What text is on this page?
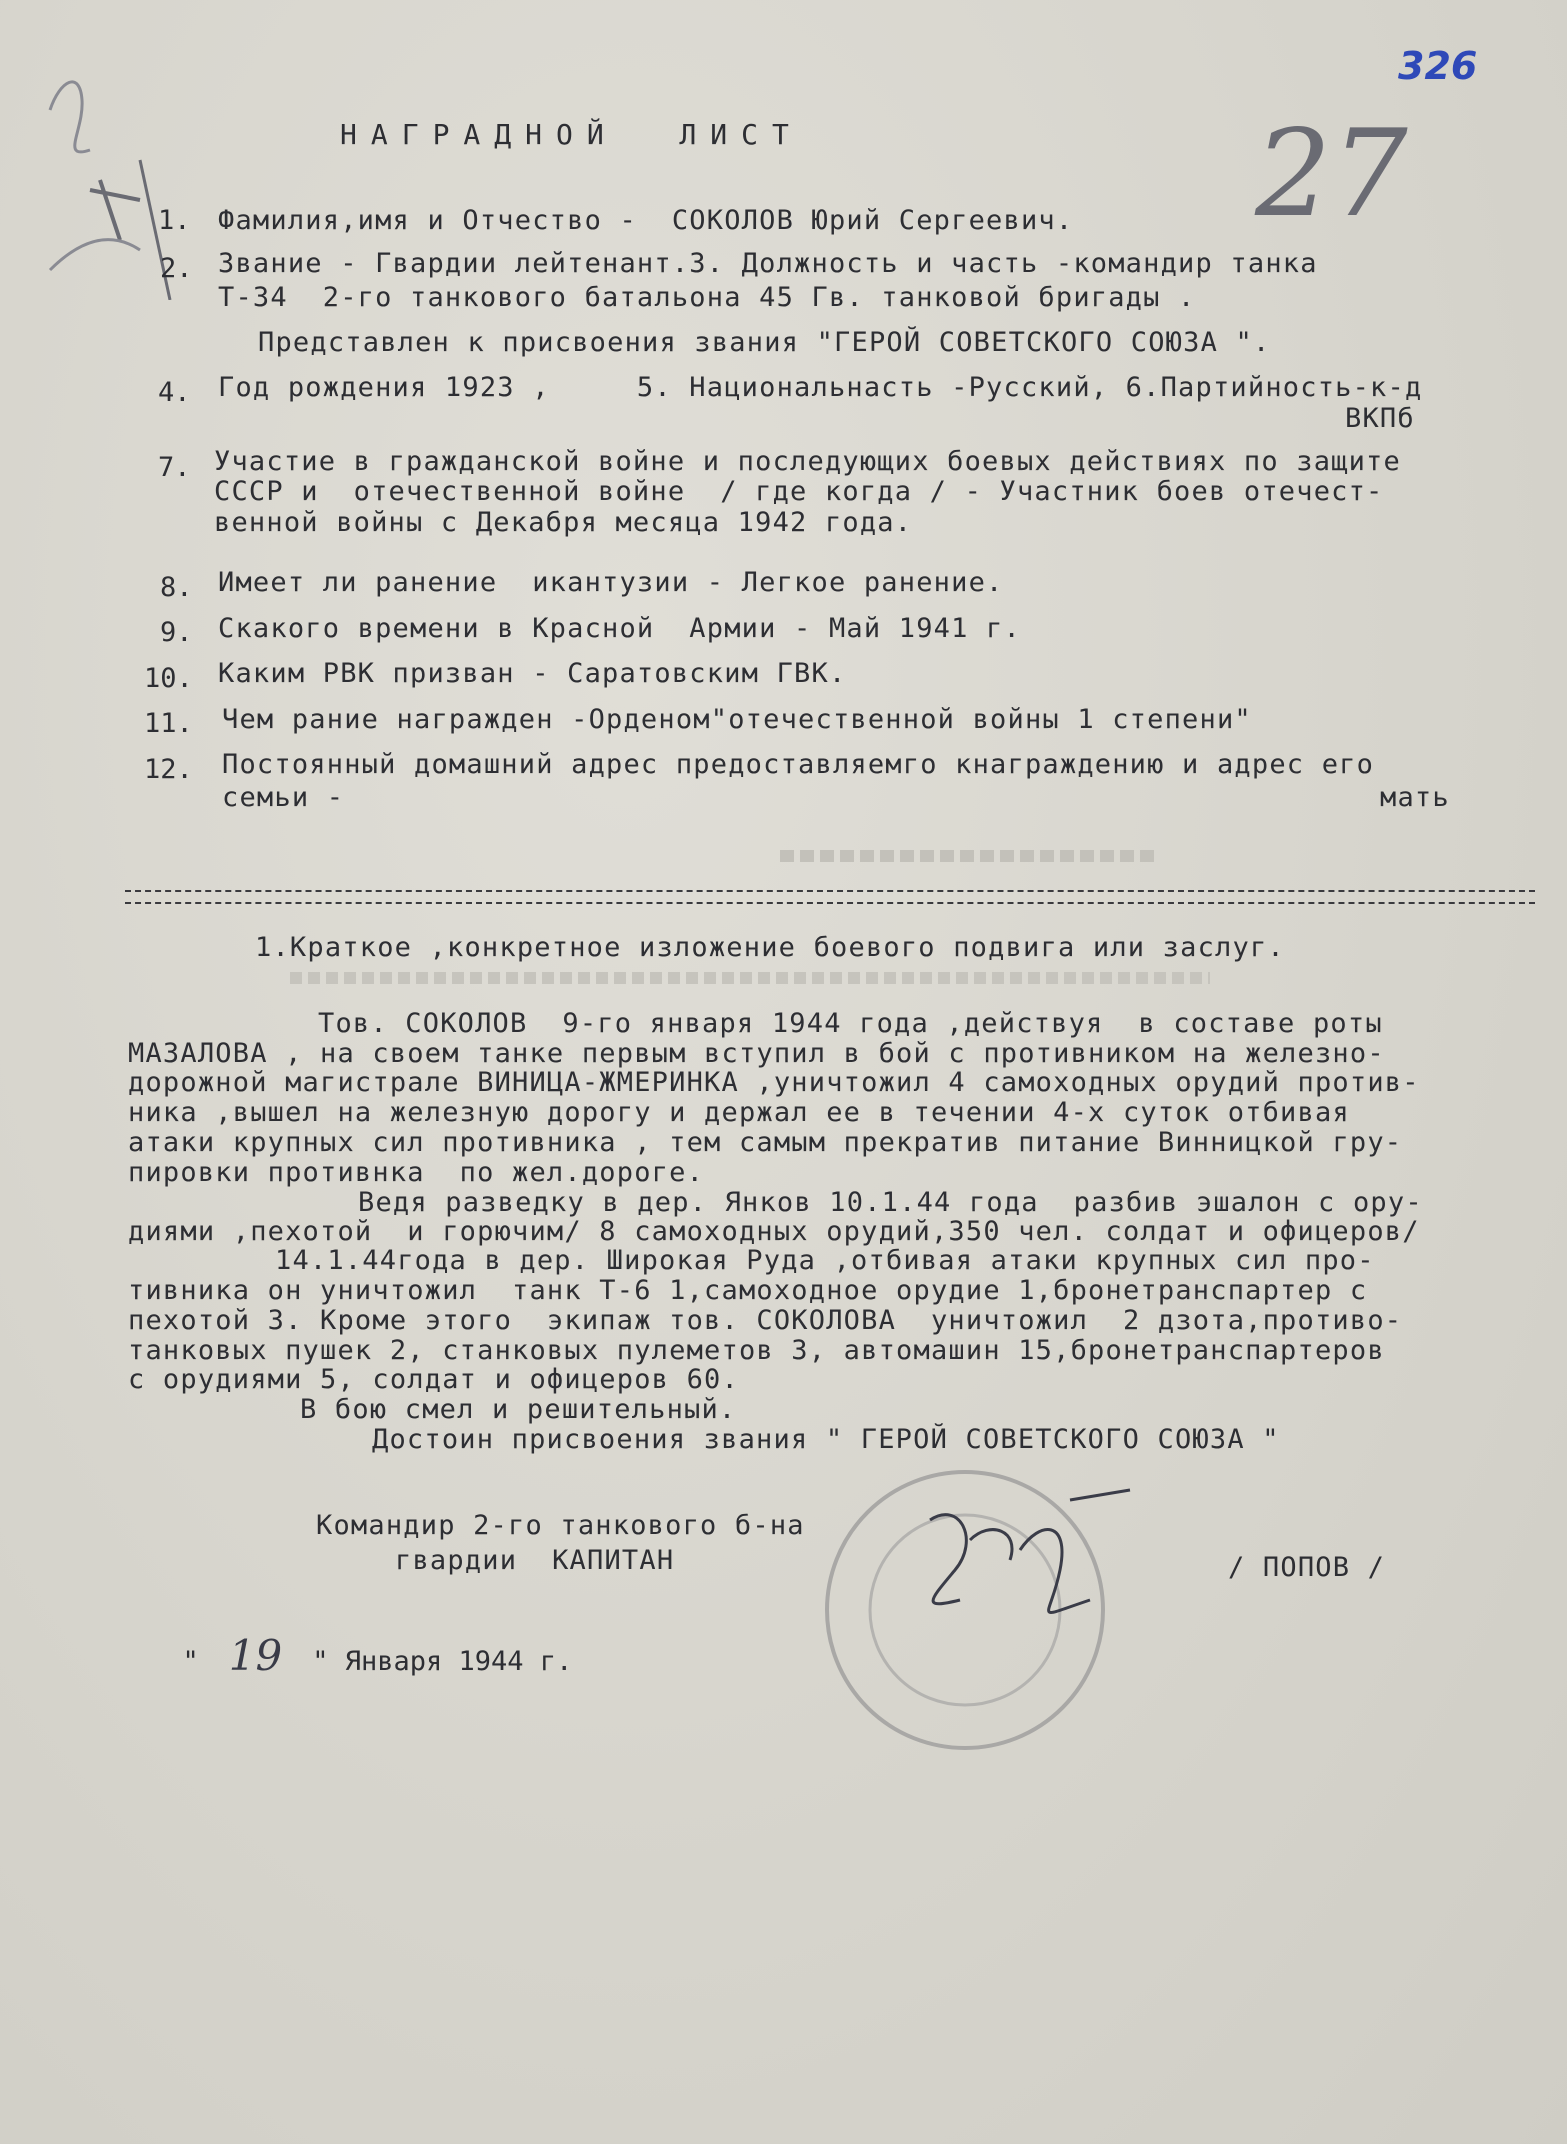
326
27
НАГРАДНОЙ  ЛИСТ
1. Фамилия,имя и Отчество -  СОКОЛОВ Юрий Сергеевич.
2. Звание - Гвардии лейтенант.3. Должность и часть -командир танка
Т-34  2-го танкового батальона 45 Гв. танковой бригады .
Представлен к присвоения звания "ГЕРОЙ СОВЕТСКОГО СОЮЗА ".
4. Год рождения 1923 ,     5. Национальнасть -Русский, 6.Партийность-к-д
ВКПб
7. Участие в гражданской войне и последующих боевых действиях по защите
СССР и  отечественной войне  / где когда / - Участник боев отечест-
венной войны с Декабря месяца 1942 года.
8. Имеет ли ранение  икантузии - Легкое ранение.
9. Скакого времени в Красной  Армии - Май 1941 г.
10. Каким РВК призван - Саратовским ГВК.
11. Чем рание награжден -Орденом"отечественной войны 1 степени"
12. Постоянный домашний адрес предоставляемго кнаграждению и адрес его
семьи -	мать
1.Краткое ,конкретное изложение боевого подвига или заслуг.
Тов. СОКОЛОВ  9-го января 1944 года ,действуя  в составе роты
МАЗАЛОВА , на своем танке первым вступил в бой с противником на железно-
дорожной магистрале ВИНИЦА-ЖМЕРИНКА ,уничтожил 4 самоходных орудий против-
ника ,вышел на железную дорогу и держал ее в течении 4-х суток отбивая
атаки крупных сил противника , тем самым прекратив питание Винницкой гру-
пировки противнка  по жел.дороге.
Ведя разведку в дер. Янков 10.1.44 года  разбив эшалон с ору-
диями ,пехотой  и горючим/ 8 самоходных орудий,350 чел. солдат и офицеров/
14.1.44года в дер. Широкая Руда ,отбивая атаки крупных сил про-
тивника он уничтожил  танк Т-6 1,самоходное орудие 1,бронетранспартер с
пехотой 3. Кроме этого  экипаж тов. СОКОЛОВА  уничтожил  2 дзота,противо-
танковых пушек 2, станковых пулеметов 3, автомашин 15,бронетранспартеров
с орудиями 5, солдат и офицеров 60.
В бою смел и решительный.
Достоин присвоения звания " ГЕРОЙ СОВЕТСКОГО СОЮЗА "
Командир 2-го танкового б-на
гвардии  КАПИТАН	/ ПОПОВ /

" 19 " Января 1944 г.
